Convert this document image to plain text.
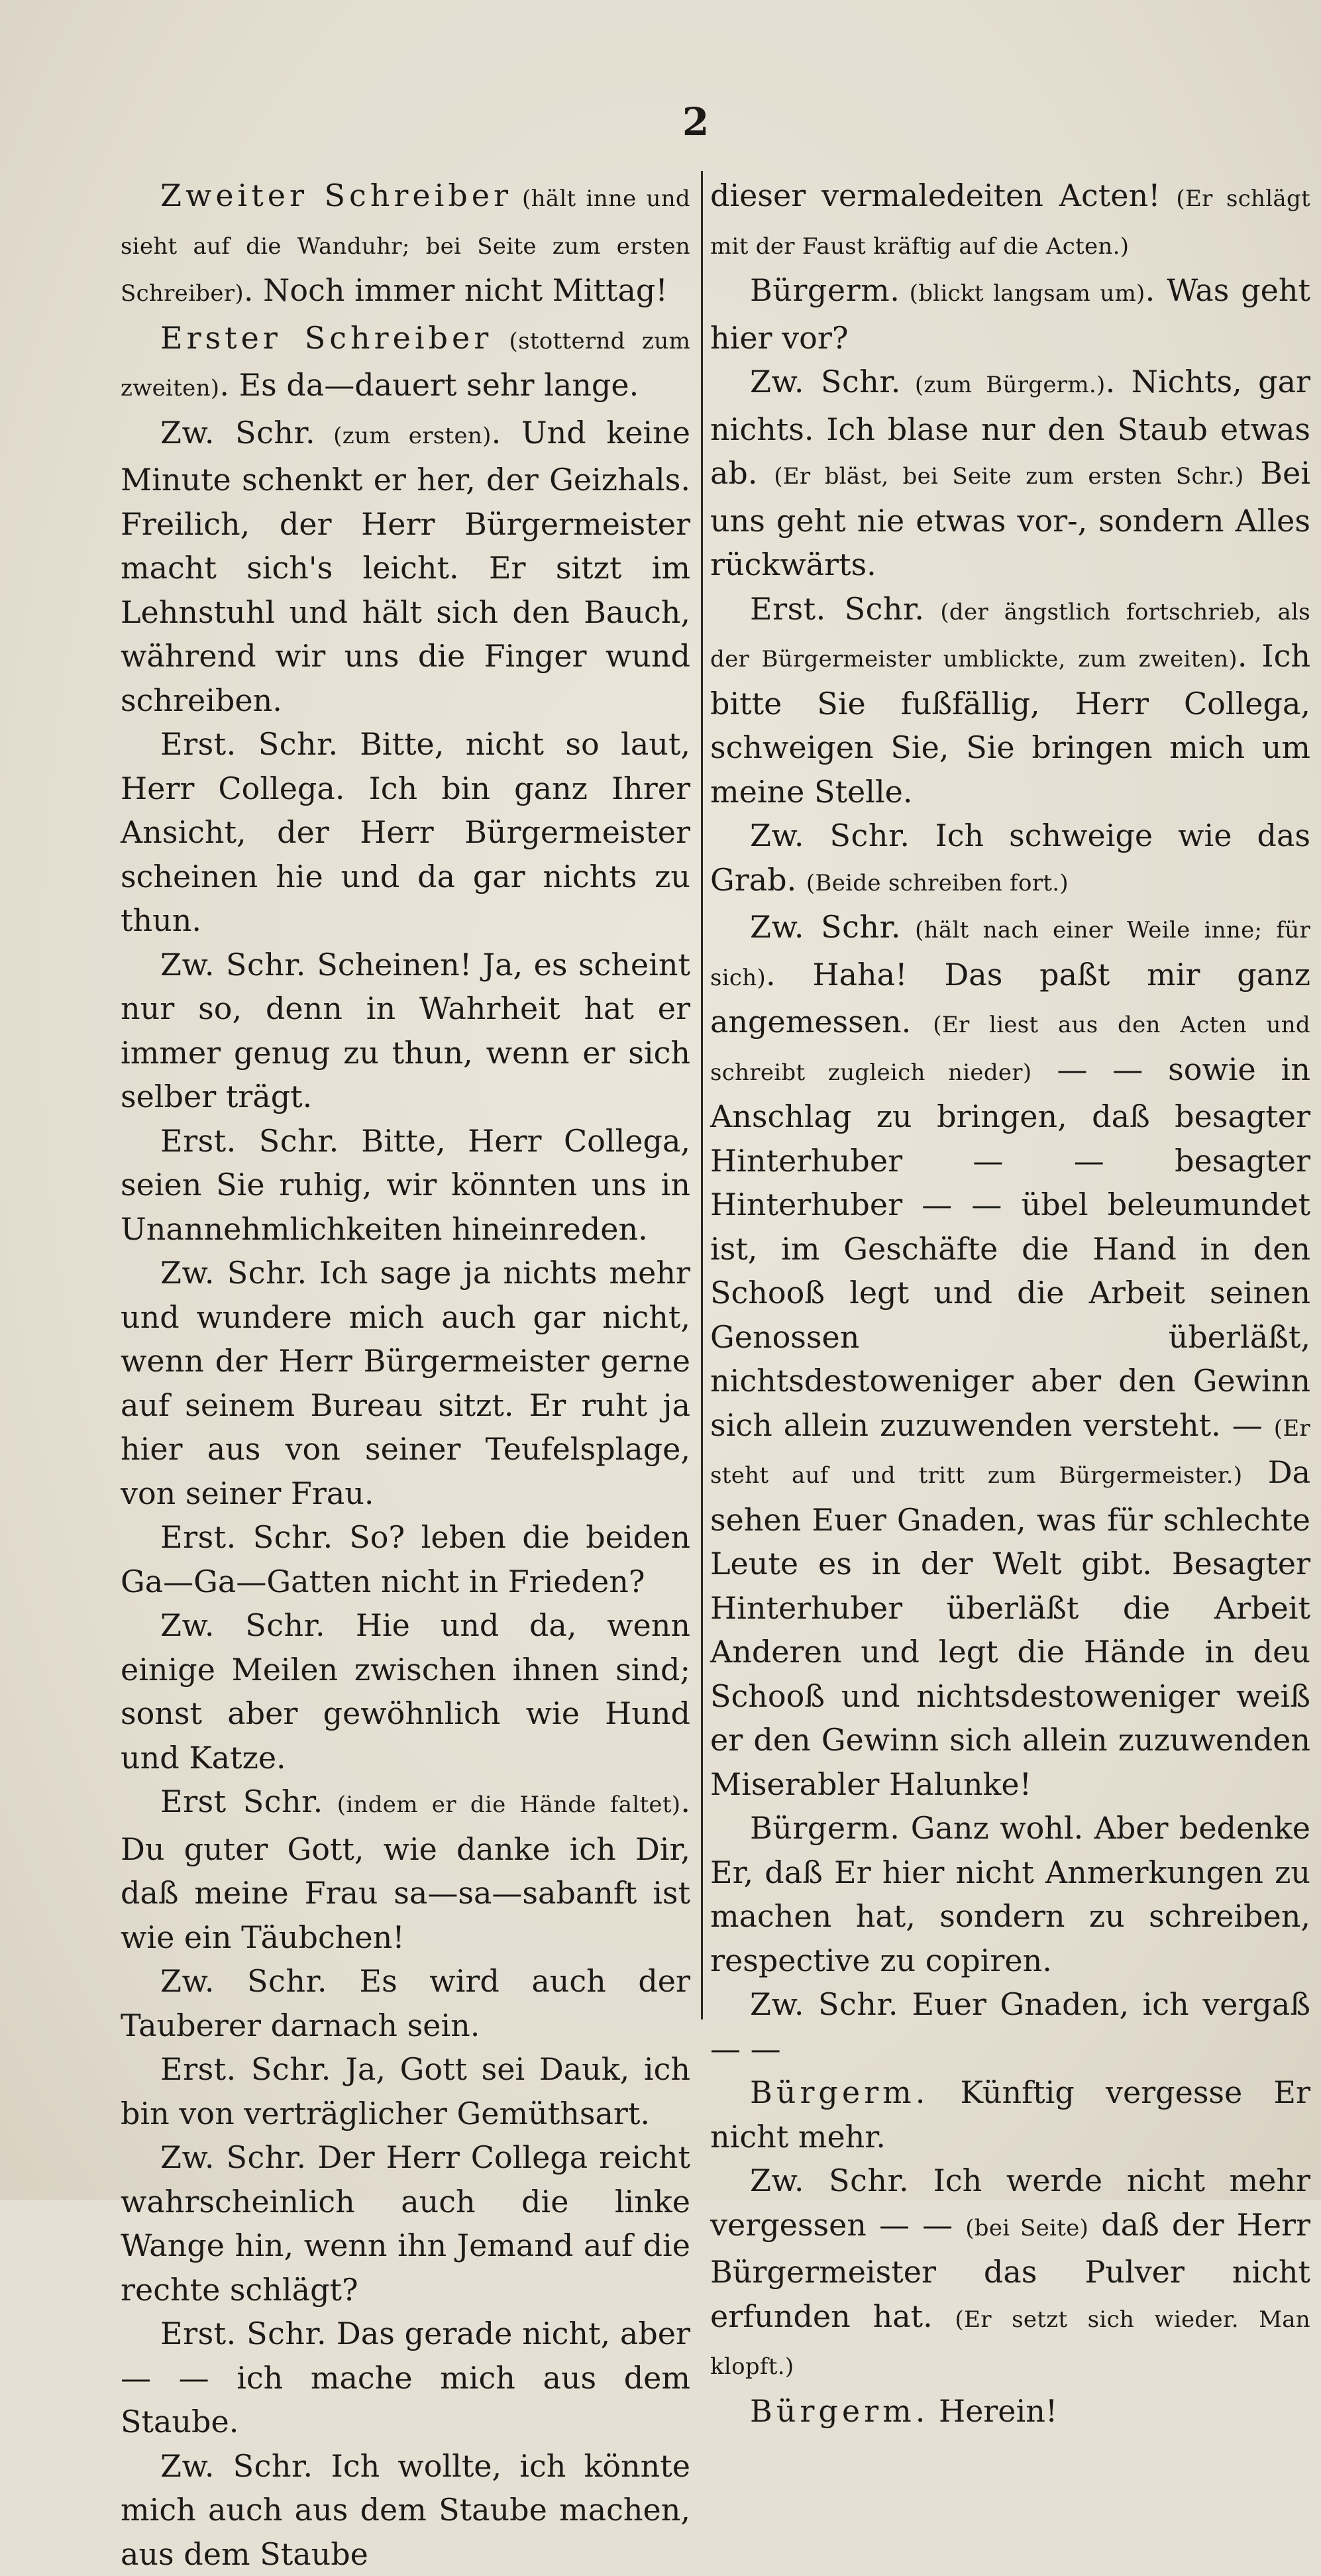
2

Zweiter Schreiber (hält inne und sieht auf die Wanduhr; bei Seite zum ersten Schreiber). Noch immer nicht Mittag!

Erster Schreiber (stotternd zum zweiten). Es da—dauert sehr lange.

Zw. Schr. (zum ersten). Und keine Minute schenkt er her, der Geizhals. Freilich, der Herr Bürgermeister macht sich's leicht. Er sitzt im Lehnstuhl und hält sich den Bauch, während wir uns die Finger wund schreiben.

Erst. Schr. Bitte, nicht so laut, Herr Collega. Ich bin ganz Ihrer Ansicht, der Herr Bürgermeister scheinen hie und da gar nichts zu thun.

Zw. Schr. Scheinen! Ja, es scheint nur so, denn in Wahrheit hat er immer genug zu thun, wenn er sich selber trägt.

Erst. Schr. Bitte, Herr Collega, seien Sie ruhig, wir könnten uns in Unannehmlichkeiten hineinreden.

Zw. Schr. Ich sage ja nichts mehr und wundere mich auch gar nicht, wenn der Herr Bürgermeister gerne auf seinem Bureau sitzt. Er ruht ja hier aus von seiner Teufelsplage, von seiner Frau.

Erst. Schr. So? leben die beiden Ga—Ga—Gatten nicht in Frieden?

Zw. Schr. Hie und da, wenn einige Meilen zwischen ihnen sind; sonst aber gewöhnlich wie Hund und Katze.

Erst Schr. (indem er die Hände faltet). Du guter Gott, wie danke ich Dir, daß meine Frau sa—sa—sabanft ist wie ein Täubchen!

Zw. Schr. Es wird auch der Tauberer darnach sein.

Erst. Schr. Ja, Gott sei Dauk, ich bin von verträglicher Gemüthsart.

Zw. Schr. Der Herr Collega reicht wahrscheinlich auch die linke Wange hin, wenn ihn Jemand auf die rechte schlägt?

Erst. Schr. Das gerade nicht, aber — — ich mache mich aus dem Staube.

Zw. Schr. Ich wollte, ich könnte mich auch aus dem Staube machen, aus dem Staube

dieser vermaledeiten Acten! (Er schlägt mit der Faust kräftig auf die Acten.)

Bürgerm. (blickt langsam um). Was geht hier vor?

Zw. Schr. (zum Bürgerm.). Nichts, gar nichts. Ich blase nur den Staub etwas ab. (Er bläst, bei Seite zum ersten Schr.) Bei uns geht nie etwas vor-, sondern Alles rückwärts.

Erst. Schr. (der ängstlich fortschrieb, als der Bürgermeister umblickte, zum zweiten). Ich bitte Sie fußfällig, Herr Collega, schweigen Sie, Sie bringen mich um meine Stelle.

Zw. Schr. Ich schweige wie das Grab. (Beide schreiben fort.)

Zw. Schr. (hält nach einer Weile inne; für sich). Haha! Das paßt mir ganz angemessen. (Er liest aus den Acten und schreibt zugleich nieder) — — sowie in Anschlag zu bringen, daß besagter Hinterhuber — — besagter Hinterhuber — — übel beleumundet ist, im Geschäfte die Hand in den Schooß legt und die Arbeit seinen Genossen überläßt, nichtsdestoweniger aber den Gewinn sich allein zuzuwenden versteht. — (Er steht auf und tritt zum Bürgermeister.) Da sehen Euer Gnaden, was für schlechte Leute es in der Welt gibt. Besagter Hinterhuber überläßt die Arbeit Anderen und legt die Hände in deu Schooß und nichtsdestoweniger weiß er den Gewinn sich allein zuzuwenden Miserabler Halunke!

Bürgerm. Ganz wohl. Aber bedenke Er, daß Er hier nicht Anmerkungen zu machen hat, sondern zu schreiben, respective zu copiren.

Zw. Schr. Euer Gnaden, ich vergaß — —

Bürgerm. Künftig vergesse Er nicht mehr.

Zw. Schr. Ich werde nicht mehr vergessen — — (bei Seite) daß der Herr Bürgermeister das Pulver nicht erfunden hat. (Er setzt sich wieder. Man klopft.)

Bürgerm. Herein!
